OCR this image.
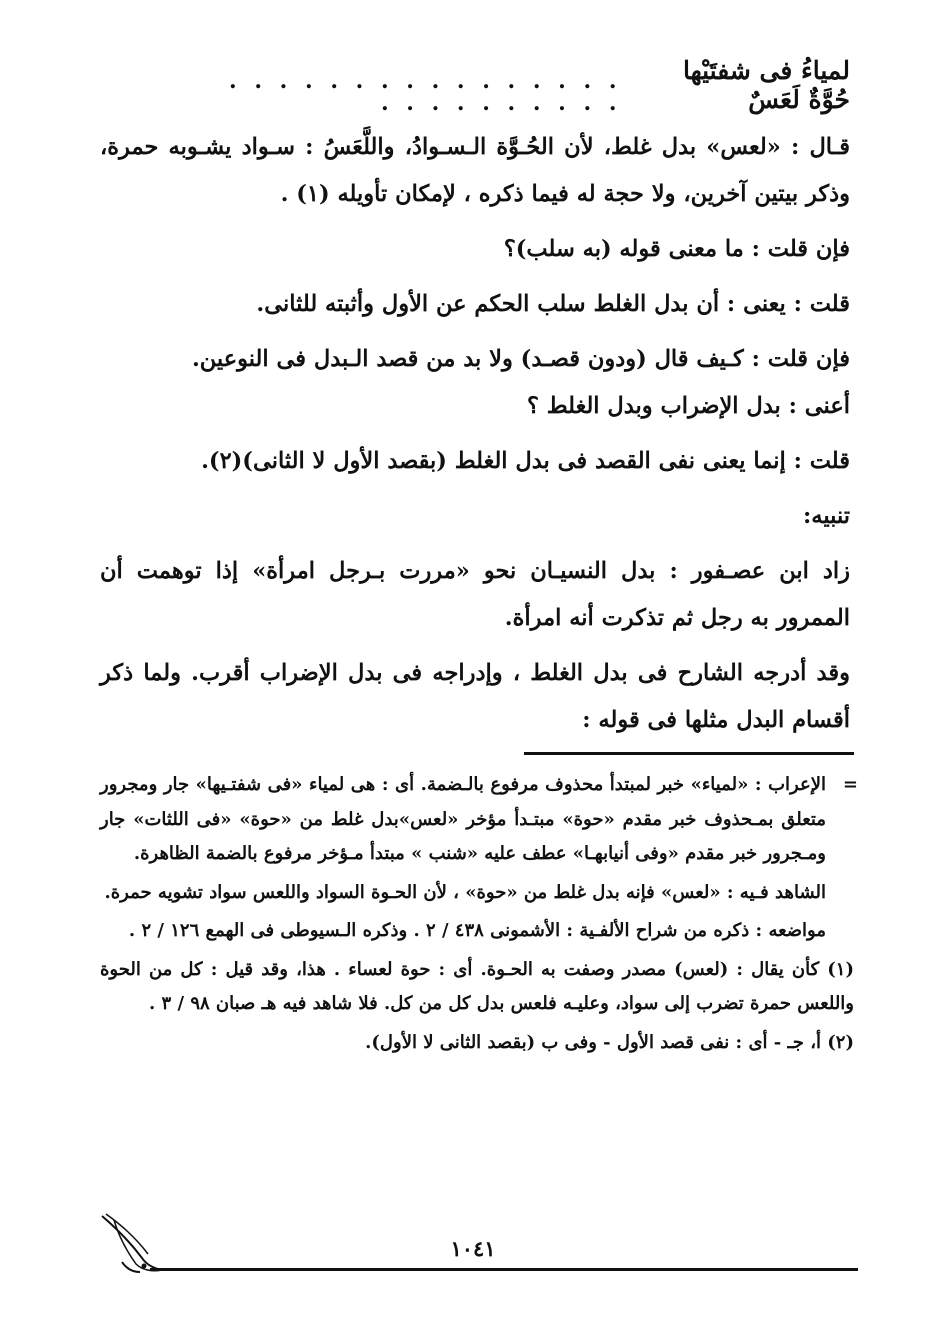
لمياءُ فى شفتَيْها حُوَّةٌ لَعَسٌ
. . . . . . . . . . . . . . . . . . . . . . . . . .

قـال : «لعس» بدل غلط، لأن الحُـوَّة الـسـوادُ، واللَّعَسُ : سـواد يشـوبه حمرة، وذكر بيتين آخرين، ولا حجة له فيما ذكره ، لإمكان تأويله (١) .

فإن قلت : ما معنى قوله (به سلب)؟

قلت : يعنى : أن بدل الغلط سلب الحكم عن الأول وأثبته للثانى.

فإن قلت : كـيف قال (ودون قصـد) ولا بد من قصد الـبدل فى النوعين.

أعنى : بدل الإضراب وبدل الغلط ؟

قلت : إنما يعنى نفى القصد فى بدل الغلط (بقصد الأول لا الثانى)(٢).

تنبيه:

زاد ابن عصـفور : بدل النسيـان نحو «مررت بـرجل امرأة» إذا توهمت أن الممرور به رجل ثم تذكرت أنه امرأة.

وقد أدرجه الشارح فى بدل الغلط ، وإدراجه فى بدل الإضراب أقرب. ولما ذكر أقسام البدل مثلها فى قوله :

=
الإعراب : «لمياء» خبر لمبتدأ محذوف مرفوع بالـضمة. أى : هى لمياء «فى شفتـيها» جار ومجرور متعلق بمـحذوف خبر مقدم «حوة» مبتـدأ مؤخر «لعس»بدل غلط من «حوة» «فى اللثات» جار ومـجرور خبر مقدم «وفى أنيابهـا» عطف عليه «شنب » مبتدأ مـؤخر مرفوع بالضمة الظاهرة.

الشاهد فـيه : «لعس» فإنه بدل غلط من «حوة» ، لأن الحـوة السواد واللعس سواد تشويه حمرة.

مواضعه : ذكره من شراح الألفـية : الأشمونى ٤٣٨ / ٢ . وذكره الـسيوطى فى الهمع ١٢٦ / ٢ .

(١) كأن يقال : (لعس) مصدر وصفت به الحـوة. أى : حوة لعساء . هذا، وقد قيل : كل من الحوة واللعس حمرة تضرب إلى سواد، وعليـه فلعس بدل كل من كل. فلا شاهد فيه هـ صبان ٩٨ / ٣ .

(٢) أ، جـ - أى : نفى قصد الأول - وفى ب (بقصد الثانى لا الأول).

١٠٤١
